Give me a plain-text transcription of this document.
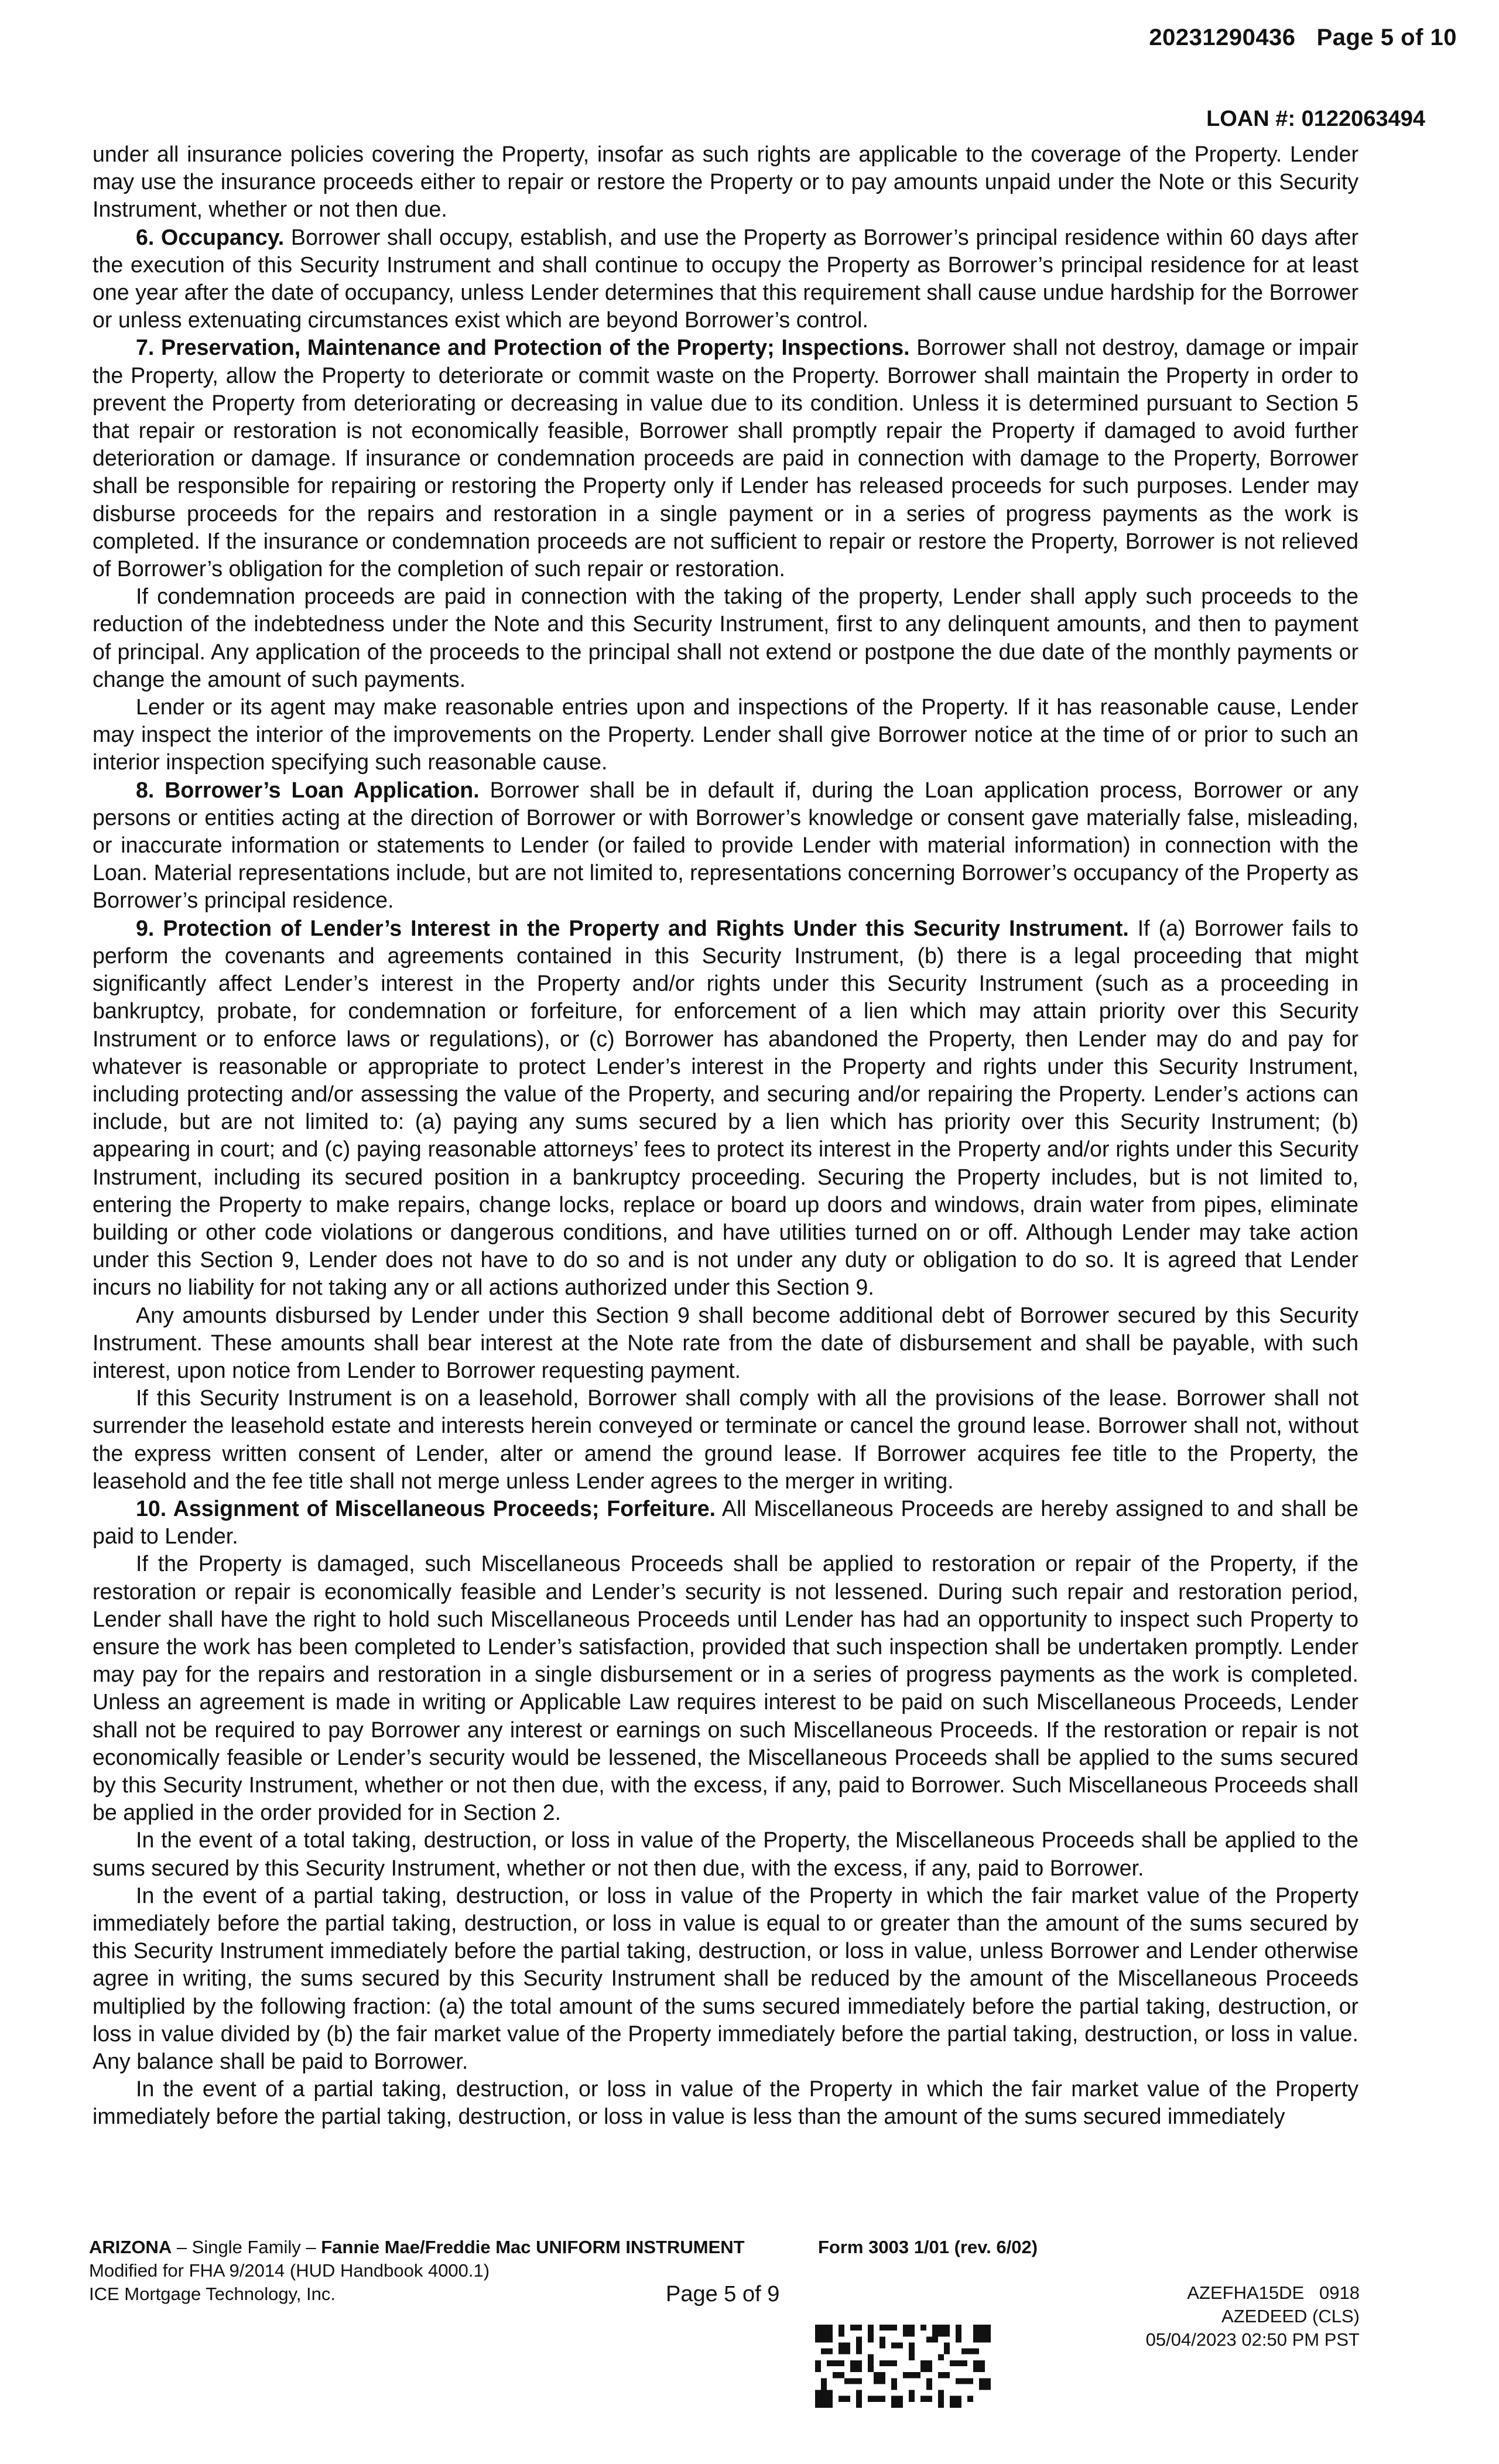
20231290436 Page 5 of 10
LOAN #: 0122063494

under all insurance policies covering the Property, insofar as such rights are applicable to the coverage of the Property. Lender may use the insurance proceeds either to repair or restore the Property or to pay amounts unpaid under the Note or this Security Instrument, whether or not then due.

6. Occupancy. Borrower shall occupy, establish, and use the Property as Borrower’s principal residence within 60 days after the execution of this Security Instrument and shall continue to occupy the Property as Borrower’s principal residence for at least one year after the date of occupancy, unless Lender determines that this requirement shall cause undue hardship for the Borrower or unless extenuating circumstances exist which are beyond Borrower’s control.

7. Preservation, Maintenance and Protection of the Property; Inspections. Borrower shall not destroy, damage or impair the Property, allow the Property to deteriorate or commit waste on the Property. Borrower shall maintain the Property in order to prevent the Property from deteriorating or decreasing in value due to its condition. Unless it is determined pursuant to Section 5 that repair or restoration is not economically feasible, Borrower shall promptly repair the Property if damaged to avoid further deterioration or damage. If insurance or condemnation proceeds are paid in connection with damage to the Property, Borrower shall be responsible for repairing or restoring the Property only if Lender has released proceeds for such purposes. Lender may disburse proceeds for the repairs and restoration in a single payment or in a series of progress payments as the work is completed. If the insurance or condemnation proceeds are not sufficient to repair or restore the Property, Borrower is not relieved of Borrower’s obligation for the completion of such repair or restoration.

If condemnation proceeds are paid in connection with the taking of the property, Lender shall apply such proceeds to the reduction of the indebtedness under the Note and this Security Instrument, first to any delinquent amounts, and then to payment of principal. Any application of the proceeds to the principal shall not extend or postpone the due date of the monthly payments or change the amount of such payments.

Lender or its agent may make reasonable entries upon and inspections of the Property. If it has reasonable cause, Lender may inspect the interior of the improvements on the Property. Lender shall give Borrower notice at the time of or prior to such an interior inspection specifying such reasonable cause.

8. Borrower’s Loan Application. Borrower shall be in default if, during the Loan application process, Borrower or any persons or entities acting at the direction of Borrower or with Borrower’s knowledge or consent gave materially false, misleading, or inaccurate information or statements to Lender (or failed to provide Lender with material information) in connection with the Loan. Material representations include, but are not limited to, representations concerning Borrower’s occupancy of the Property as Borrower’s principal residence.

9. Protection of Lender’s Interest in the Property and Rights Under this Security Instrument. If (a) Borrower fails to perform the covenants and agreements contained in this Security Instrument, (b) there is a legal proceeding that might significantly affect Lender’s interest in the Property and/or rights under this Security Instrument (such as a proceeding in bankruptcy, probate, for condemnation or forfeiture, for enforcement of a lien which may attain priority over this Security Instrument or to enforce laws or regulations), or (c) Borrower has abandoned the Property, then Lender may do and pay for whatever is reasonable or appropriate to protect Lender’s interest in the Property and rights under this Security Instrument, including protecting and/or assessing the value of the Property, and securing and/or repairing the Property. Lender’s actions can include, but are not limited to: (a) paying any sums secured by a lien which has priority over this Security Instrument; (b) appearing in court; and (c) paying reasonable attorneys’ fees to protect its interest in the Property and/or rights under this Security Instrument, including its secured position in a bankruptcy proceeding. Securing the Property includes, but is not limited to, entering the Property to make repairs, change locks, replace or board up doors and windows, drain water from pipes, eliminate building or other code violations or dangerous conditions, and have utilities turned on or off. Although Lender may take action under this Section 9, Lender does not have to do so and is not under any duty or obligation to do so. It is agreed that Lender incurs no liability for not taking any or all actions authorized under this Section 9.

Any amounts disbursed by Lender under this Section 9 shall become additional debt of Borrower secured by this Security Instrument. These amounts shall bear interest at the Note rate from the date of disbursement and shall be payable, with such interest, upon notice from Lender to Borrower requesting payment.

If this Security Instrument is on a leasehold, Borrower shall comply with all the provisions of the lease. Borrower shall not surrender the leasehold estate and interests herein conveyed or terminate or cancel the ground lease. Borrower shall not, without the express written consent of Lender, alter or amend the ground lease. If Borrower acquires fee title to the Property, the leasehold and the fee title shall not merge unless Lender agrees to the merger in writing.

10. Assignment of Miscellaneous Proceeds; Forfeiture. All Miscellaneous Proceeds are hereby assigned to and shall be paid to Lender.

If the Property is damaged, such Miscellaneous Proceeds shall be applied to restoration or repair of the Property, if the restoration or repair is economically feasible and Lender’s security is not lessened. During such repair and restoration period, Lender shall have the right to hold such Miscellaneous Proceeds until Lender has had an opportunity to inspect such Property to ensure the work has been completed to Lender’s satisfaction, provided that such inspection shall be undertaken promptly. Lender may pay for the repairs and restoration in a single disbursement or in a series of progress payments as the work is completed. Unless an agreement is made in writing or Applicable Law requires interest to be paid on such Miscellaneous Proceeds, Lender shall not be required to pay Borrower any interest or earnings on such Miscellaneous Proceeds. If the restoration or repair is not economically feasible or Lender’s security would be lessened, the Miscellaneous Proceeds shall be applied to the sums secured by this Security Instrument, whether or not then due, with the excess, if any, paid to Borrower. Such Miscellaneous Proceeds shall be applied in the order provided for in Section 2.

In the event of a total taking, destruction, or loss in value of the Property, the Miscellaneous Proceeds shall be applied to the sums secured by this Security Instrument, whether or not then due, with the excess, if any, paid to Borrower.

In the event of a partial taking, destruction, or loss in value of the Property in which the fair market value of the Property immediately before the partial taking, destruction, or loss in value is equal to or greater than the amount of the sums secured by this Security Instrument immediately before the partial taking, destruction, or loss in value, unless Borrower and Lender otherwise agree in writing, the sums secured by this Security Instrument shall be reduced by the amount of the Miscellaneous Proceeds multiplied by the following fraction: (a) the total amount of the sums secured immediately before the partial taking, destruction, or loss in value divided by (b) the fair market value of the Property immediately before the partial taking, destruction, or loss in value. Any balance shall be paid to Borrower.

In the event of a partial taking, destruction, or loss in value of the Property in which the fair market value of the Property immediately before the partial taking, destruction, or loss in value is less than the amount of the sums secured immediately

ARIZONA – Single Family – Fannie Mae/Freddie Mac UNIFORM INSTRUMENT
Modified for FHA 9/2014 (HUD Handbook 4000.1)
ICE Mortgage Technology, Inc.
Form 3003 1/01 (rev. 6/02)
Page 5 of 9	AZEFHA15DE   0918
AZEDEED (CLS)
05/04/2023 02:50 PM PST
